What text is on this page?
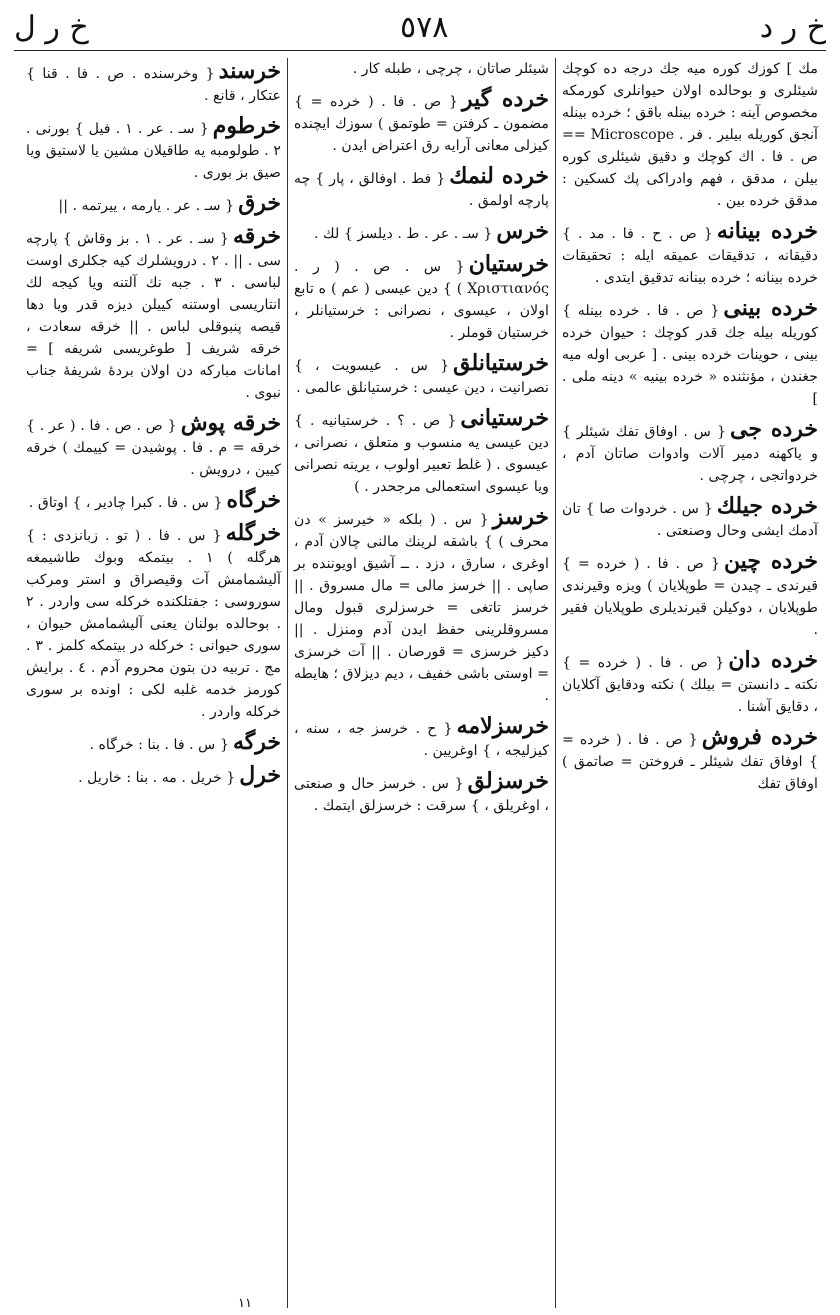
خ ر ل	٥٧٨	خ ر د

مك ] كوزك كوره ميه جك درجه ده كوچك شيئلرى و بوحالده اولان حيوانلرى كورمكه مخصوص آينه : خرده بينله باقق ؛ خرده بينله آنجق كوريله بيلير . فر . Microscope == ص . فا . اك كوچك و دقيق شيئلرى كوره بيلن ، مدقق ، فهم وادراكى پك كسكين : مدقق خرده بين .

خرده بينانه{ ص . ح . فا . مد . } دقيقانه ، تدقيقات عميقه ايله : تحقيقات خرده بينانه ؛ خرده بينانه تدقيق ايتدى .

خرده بينى{ ص . فا . خرده بينله } كوريله بيله جك قدر كوچك : حيوان خرده بينى ، حوينات خرده بينى . [ عربى اوله ميه جغندن ، مؤنثنده « خرده بينيه » دينه ملى . ]

خرده جى{ س . اوفاق تفك شيئلر } و ياكهنه دمير آلات وادوات صاتان آدم ، خردواتجى ، چرچى .

خرده جيلك{ س . خردوات صا } تان آدمك ايشى وحال وصنعتى .

خرده چين{ ص . فا . ( خرده = } قيرندى ـ چيدن = طوپلايان ) ويزه وقيرندى طوپلايان ، دوكيلن قيرنديلرى طوپلايان فقير .

خرده دان{ ص . فا . ( خرده = } نكته ـ دانستن = بيلك ) نكته ودقايق آكلايان ، دقايق آشنا .

خرده فروش{ ص . فا . ( خرده = } اوفاق تفك شيئلر ـ فروختن = صاتمق ) اوفاق تفك

شيئلر صاتان ، چرچى ، طبله كار .

خرده گير{ ص . فا . ( خرده = } مضمون ـ كرفتن = طوتمق ) سوزك ايچنده كيزلى معانى آرايه رق اعتراض ايدن .

خرده لنمك{ فط . اوفالق ، پار } چه پارچه اولمق .

خرس{ سـ . عر . ط . ديلسز } لك .

خرستيان{ س . ص . ( ر . Χριστιανός ) } دين عيسى ( عم ) ه تابع اولان ، عيسوى ، نصرانى : خرستيانلر ، خرستيان قوملر .

خرستيانلق{ س . عيسويت ، } نصرانيت ، دين عيسى : خرستيانلق عالمى .

خرستيانى{ ص . ؟ . خرستيانيه . } دين عيسى يه منسوب و متعلق ، نصرانى ، عيسوى . ( غلط تعبير اولوب ، يرينه نصرانى ويا عيسوى استعمالى مرجحدر . )

خرسز{ س . ( بلكه « خيرسز » دن محرف ) } باشقه لرينك مالنى چالان آدم ، اوغرى ، سارق ، دزد . ــ آشيق اويوننده بر صاپى . || خرسز مالى = مال مسروق . || خرسز تاتغى = خرسزلرى قبول ومال مسروقلرينى حفظ ايدن آدم ومنزل . || دكيز خرسزى = قورصان . || آت خرسزى = اوستى باشى خفيف ، ديم ديزلاق ؛ هايطه .

خرسزلامه{ ح . خرسز جه ، سنه ، كيزليجه ، } اوغريين .

خرسزلق{ س . خرسز حال و صنعتى ، اوغريلق ، } سرقت : خرسزلق ايتمك .

خرسند{ وخرسنده . ص . فا . قنا } عتكار ، قانع .

خرطوم{ سـ . عر . ١ . فيل } بورنى . ٢ . طولومبه يه طاقيلان مشين يا لاستيق ويا صيق بز بورى .

خرق{ سـ . عر . يارمه ، ييرتمه . ||

خرقه{ سـ . عر . ١ . بز وقاش } پارچه سى . || . ٢ . درويشلرك كيه جكلرى اوست لباسى . ٣ . جبه نك آلتنه ويا كيجه لك انتاريسى اوستنه كييلن ديزه قدر ويا دها قيصه پنبوقلى لباس . || خرقه سعادت ، خرقه شريف [ طوغريسى شريفه ] = امانات مباركه دن اولان بردۀ شريفۀ جناب نبوى .

خرقه پوش{ ص . ص . فا . ( عر . } خرقه = م . فا . پوشيدن = كييمك ) خرقه كيين ، درويش .

خرگاه{ س . فا . كبرا چادير ، } اوتاق .

خرگله{ س . فا . ( تو . زبانزدى : } هرگله ) ١ . بيتمكه وبوك طاشيمغه آليشمامش آت وقيصراق و استر ومركب سوروسى : جفتلكنده خركله سى واردر . ٢ . بوحالده بولنان يعنى آليشمامش حيوان ، سورى حيوانى : خركله در بيتمكه كلمز . ٣ . مج . تربيه دن بتون محروم آدم . ٤ . برايش كورمز خدمه غلبه لكى : اونده بر سورى خركله واردر .

خرگه{ س . فا . بنا : خرگاه .

خرل{ خريل . مه . بنا : خاريل .

١١
